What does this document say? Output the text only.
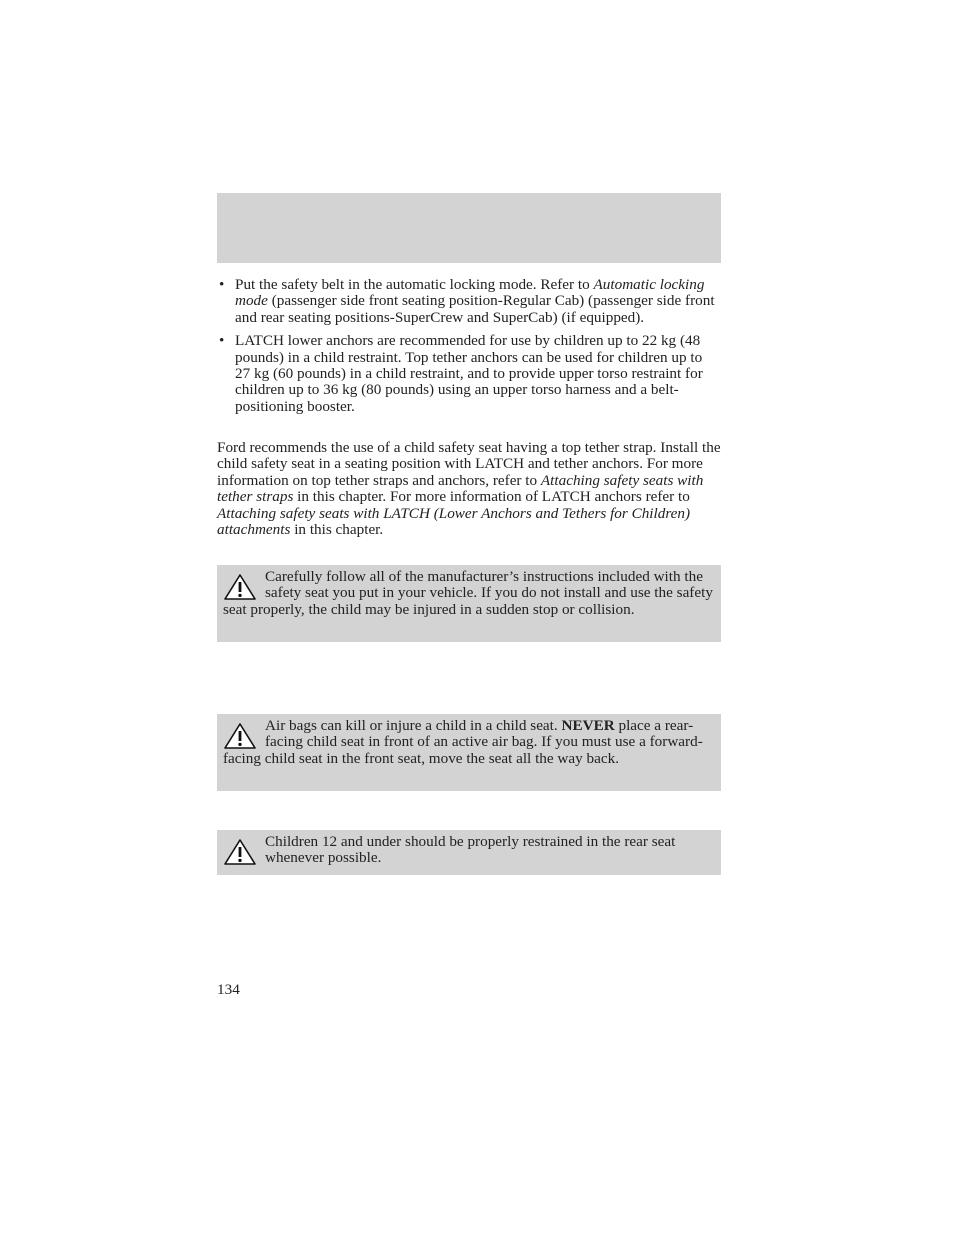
• Put the safety belt in the automatic locking mode. Refer to Automatic locking mode (passenger side front seating position-Regular Cab) (passenger side front and rear seating positions-SuperCrew and SuperCab) (if equipped).
• LATCH lower anchors are recommended for use by children up to 22 kg (48 pounds) in a child restraint. Top tether anchors can be used for children up to 27 kg (60 pounds) in a child restraint, and to provide upper torso restraint for children up to 36 kg (80 pounds) using an upper torso harness and a belt-positioning booster.

Ford recommends the use of a child safety seat having a top tether strap. Install the child safety seat in a seating position with LATCH and tether anchors. For more information on top tether straps and anchors, refer to Attaching safety seats with tether straps in this chapter. For more information of LATCH anchors refer to Attaching safety seats with LATCH (Lower Anchors and Tethers for Children) attachments in this chapter.

Carefully follow all of the manufacturer’s instructions included with the safety seat you put in your vehicle. If you do not install and use the safety seat properly, the child may be injured in a sudden stop or collision.

Air bags can kill or injure a child in a child seat. NEVER place a rear-facing child seat in front of an active air bag. If you must use a forward-facing child seat in the front seat, move the seat all the way back.

Children 12 and under should be properly restrained in the rear seat whenever possible.

134
